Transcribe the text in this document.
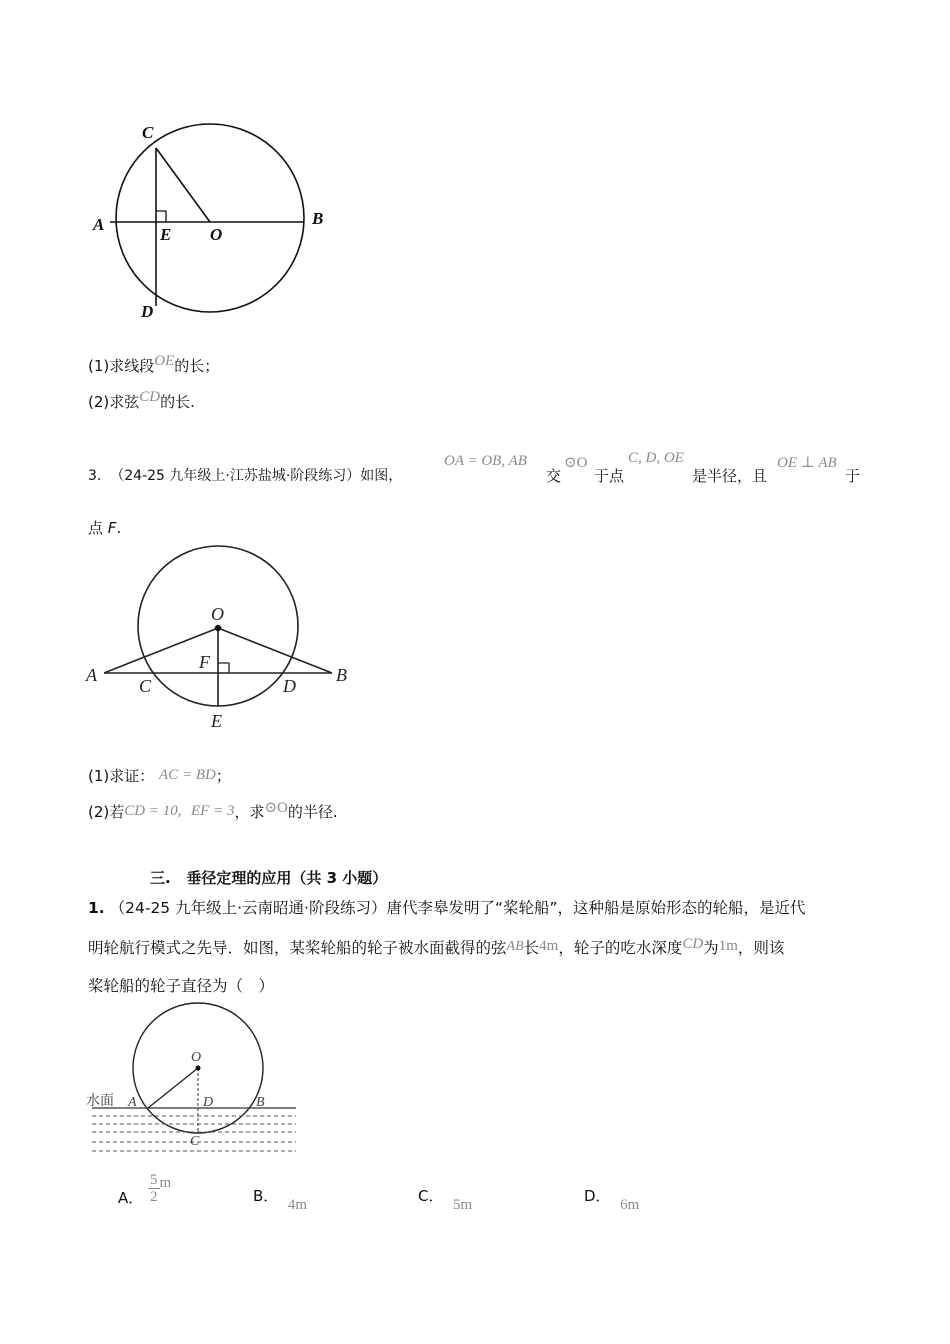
C
A
E O
B
D
(1)求线段OE的长；
(2)求弦CD的长.
3. （24-25 九年级上·江苏盐城·阶段练习）如图，
OA = OB, AB
交
⊙O
于点
C, D, OE
是半径，且
OE ⊥ AB
于
点 F.
O
F
A
C	D
B
E
(1)求证： AC = BD；
(2)若CD = 10, EF = 3，求⊙O的半径.
三. 垂径定理的应用（共 3 小题）
1. （24-25 九年级上·云南昭通·阶段练习）唐代李皋发明了“桨轮船”，这种船是原始形态的轮船，是近代
明轮航行模式之先导．如图，某桨轮船的轮子被水面截得的弦AB长4m，轮子的吃水深度CD为1m，则该
桨轮船的轮子直径为（　）
水面
O
A	D	B
C
A． $\frac{5}{2}$ m
B． 4m	C． 5m	D． 6m
